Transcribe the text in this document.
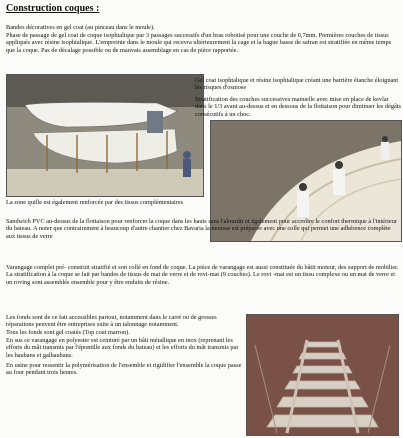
Construction coques :

Bandes décoratives en gel coat (au pinceau dans le moule).

Phase de passage de gel coat de coque isophtalique par 3 passages successifs d'un bras robotisé pour une couche de 0,7mm. Premières couches de tissus appliqués avec résine isophtalique. L'empreinte dans le moule qui recevra ultérieurement la cage et la bague basse de safran est stratifiée en même temps que la coque. Pas de décalage possible ou de mauvais assemblage en cas de pièce rapportée.

Gel coat isophtalique et résine isophtalique créant une barrière étanche éloignant les risques d'osmose

Stratification des couches successives manuelle avec mise en place de kevlar dans le 1/3 avant au-dessus et en dessous de la flottaison pour diminuer les dégâts consécutifs à un choc.

La zone quille est également renforcée par des tissus complémentaires

Sandwich PVC au-dessus de la flottaison pour renforcer la coque dans les hauts sans l'alourdir et également pour accroître le confort thermique à l'intérieur du bateau. A noter que contrairement à beaucoup d'autre chantier chez Bavaria la mousse est préparée avec une colle qui permet une adhérence complète aux tissus de verre

Varangage complet pré- construit stratifié et son collé en fond de coque. La pièce de varangage est aussi constituée du bâtit moteur, des support de mobilier. La stratification à la coque se fait par bandes de tissus de mat de verre et de rovi-mat (9 couches). Le rovi -mat est un tissu complexe ou un mat de verre et un roving sont assemblés ensemble pour y être enduits de résine.

Les fonds sont de ce fait accessibles partout, notamment dans le carré ou de grosses réparations peuvent être entreprises suite à un talonnage notamment.

Tous les fonds sont gel coatés (Top coat marron).

En sus ce varangage en polyester est ceinturé par un bâti métallique en inox (reprenant les efforts du mât transmis par l'épontille aux fonds du bateau) et les efforts du mât transmis par les haubans et galhaubans.

En usine pour ressentir la polymérisation de l'ensemble et rigidifier l'ensemble la coque passe au four pendant trois heures.
